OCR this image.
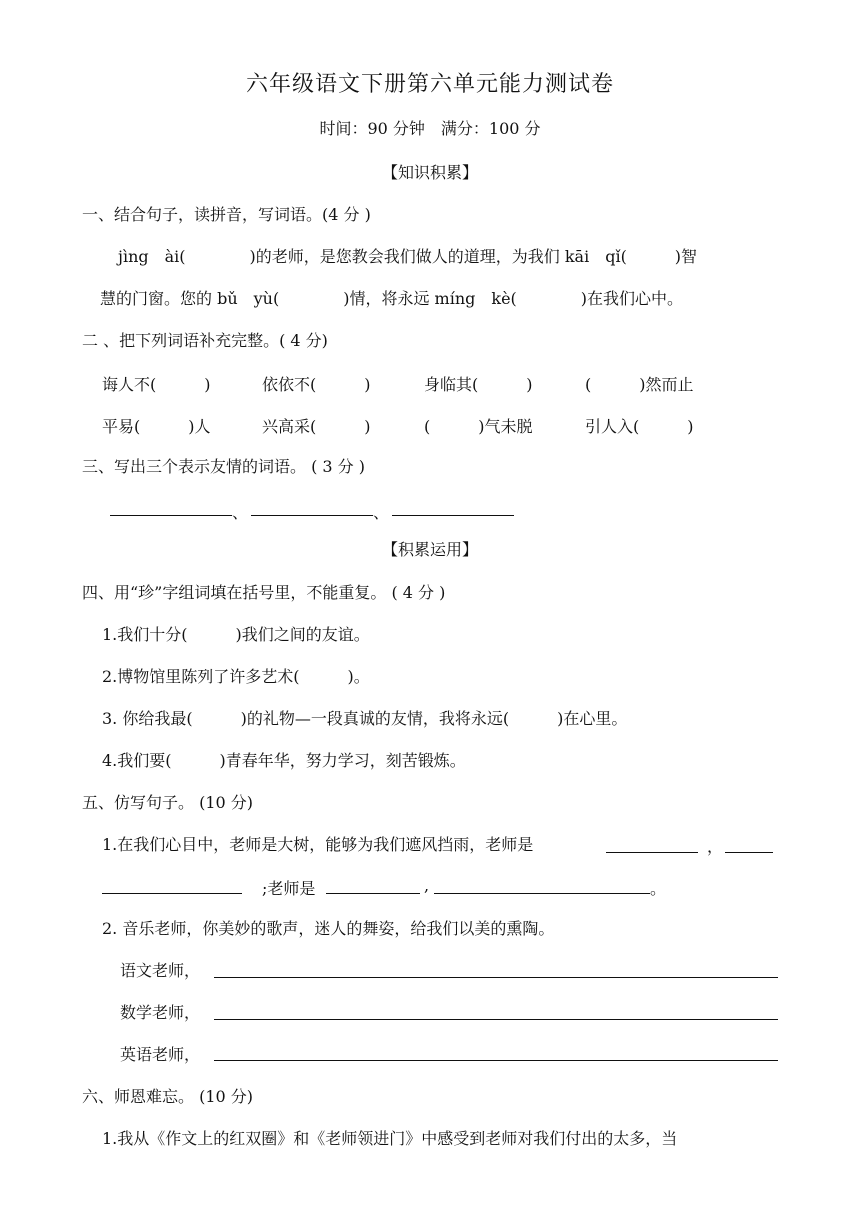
六年级语文下册第六单元能力测试卷
时间：90 分钟　满分：100 分
【知识积累】
一、结合句子，读拼音，写词语。(4 分 )
jìng　ài(　　　　)的老师，是您教会我们做人的道理，为我们 kāi　qǐ(　　　)智
慧的门窗。您的 bǔ　yù(　　　　)情，将永远 míng　kè(　　　　)在我们心中。
二 、把下列词语补充完整。( 4 分)
诲人不(　　　)	依依不(　　　)	身临其(　　　)	(　　　)然而止
平易(　　　)人	兴高采(　　　)	(　　　)气未脱	引人入(　　　)
三、写出三个表示友情的词语。 ( 3 分 )
、	、
【积累运用】
四、用“珍”字组词填在括号里，不能重复。 ( 4 分 )
1.我们十分(　　　)我们之间的友谊。
2.博物馆里陈列了许多艺术(　　　)。
3. 你给我最(　　　)的礼物—一段真诚的友情，我将永远(　　　)在心里。
4.我们要(　　　)青春年华，努力学习，刻苦锻炼。
五、仿写句子。 (10 分)
1.在我们心目中，老师是大树，能够为我们遮风挡雨，老师是	，
;老师是	,	。
2. 音乐老师，你美妙的歌声，迷人的舞姿，给我们以美的熏陶。
语文老师，
数学老师，
英语老师，
六、师恩难忘。 (10 分)
1.我从《作文上的红双圈》和《老师领进门》中感受到老师对我们付出的太多，当
